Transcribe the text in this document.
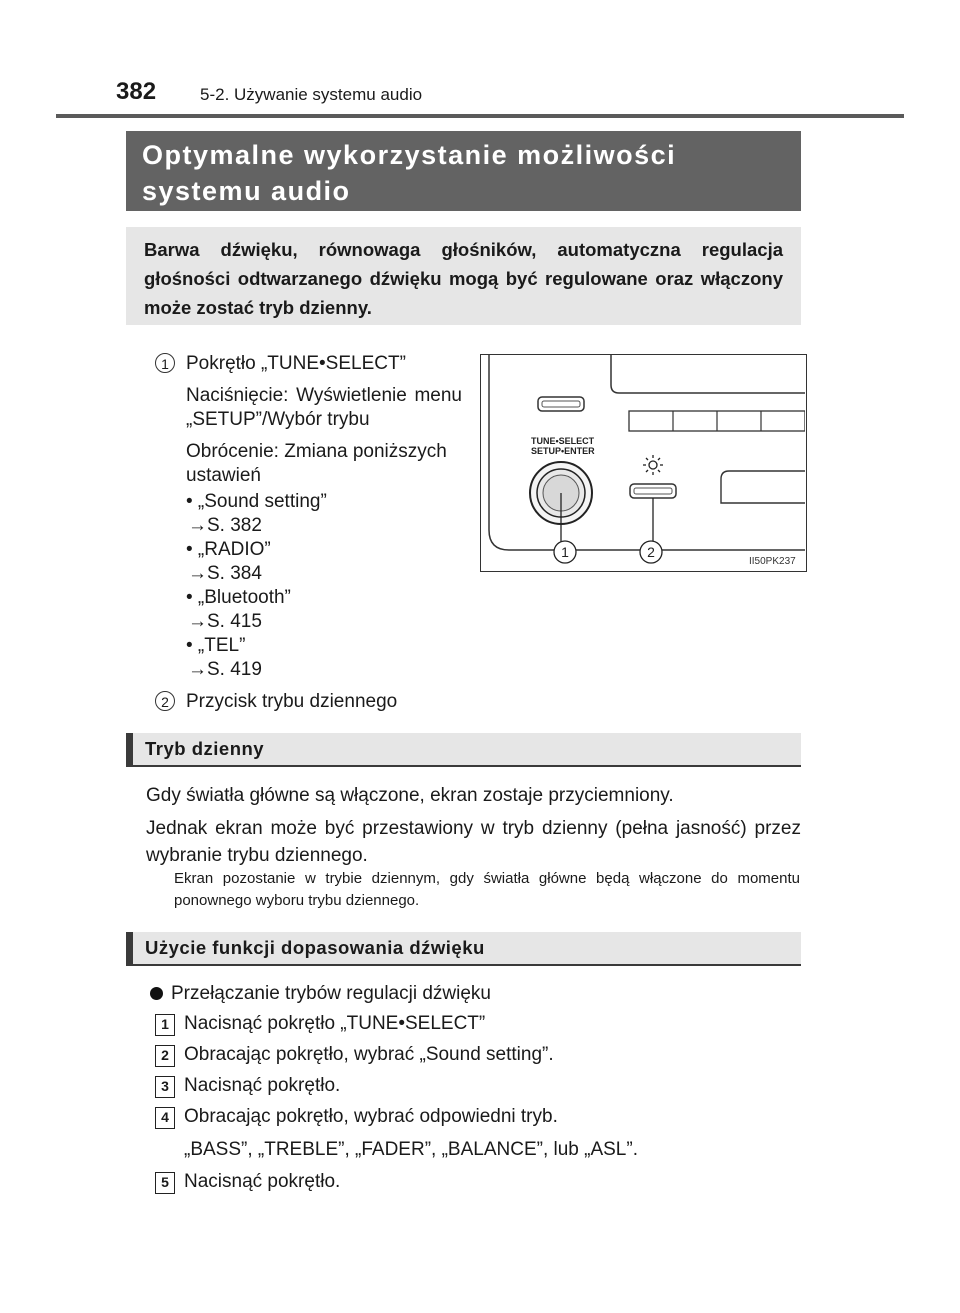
382	5-2. Używanie systemu audio
Optymalne wykorzystanie możliwości systemu audio
Barwa dźwięku, równowaga głośników, automatyczna regulacja głośności odtwarzanego dźwięku mogą być regulowane oraz włączony może zostać tryb dzienny.
1 Pokrętło „TUNE•SELECT”
Naciśnięcie: Wyświetlenie menu „SETUP”/Wybór trybu
Obrócenie: Zmiana poniższych ustawień
• „Sound setting”
→S. 382
• „RADIO”
→S. 384
• „Bluetooth”
→S. 415
• „TEL”
→S. 419
2 Przycisk trybu dziennego
TUNE•SELECT
SETUP•ENTER
1	2
II50PK237
Tryb dzienny
Gdy światła główne są włączone, ekran zostaje przyciemniony.
Jednak ekran może być przestawiony w tryb dzienny (pełna jasność) przez wybranie trybu dziennego.
Ekran pozostanie w trybie dziennym, gdy światła główne będą włączone do momentu ponownego wyboru trybu dziennego.
Użycie funkcji dopasowania dźwięku
Przełączanie trybów regulacji dźwięku
1 Nacisnąć pokrętło „TUNE•SELECT”
2 Obracając pokrętło, wybrać „Sound setting”.
3 Nacisnąć pokrętło.
4 Obracając pokrętło, wybrać odpowiedni tryb.
„BASS”, „TREBLE”, „FADER”, „BALANCE”, lub „ASL”.
5 Nacisnąć pokrętło.
